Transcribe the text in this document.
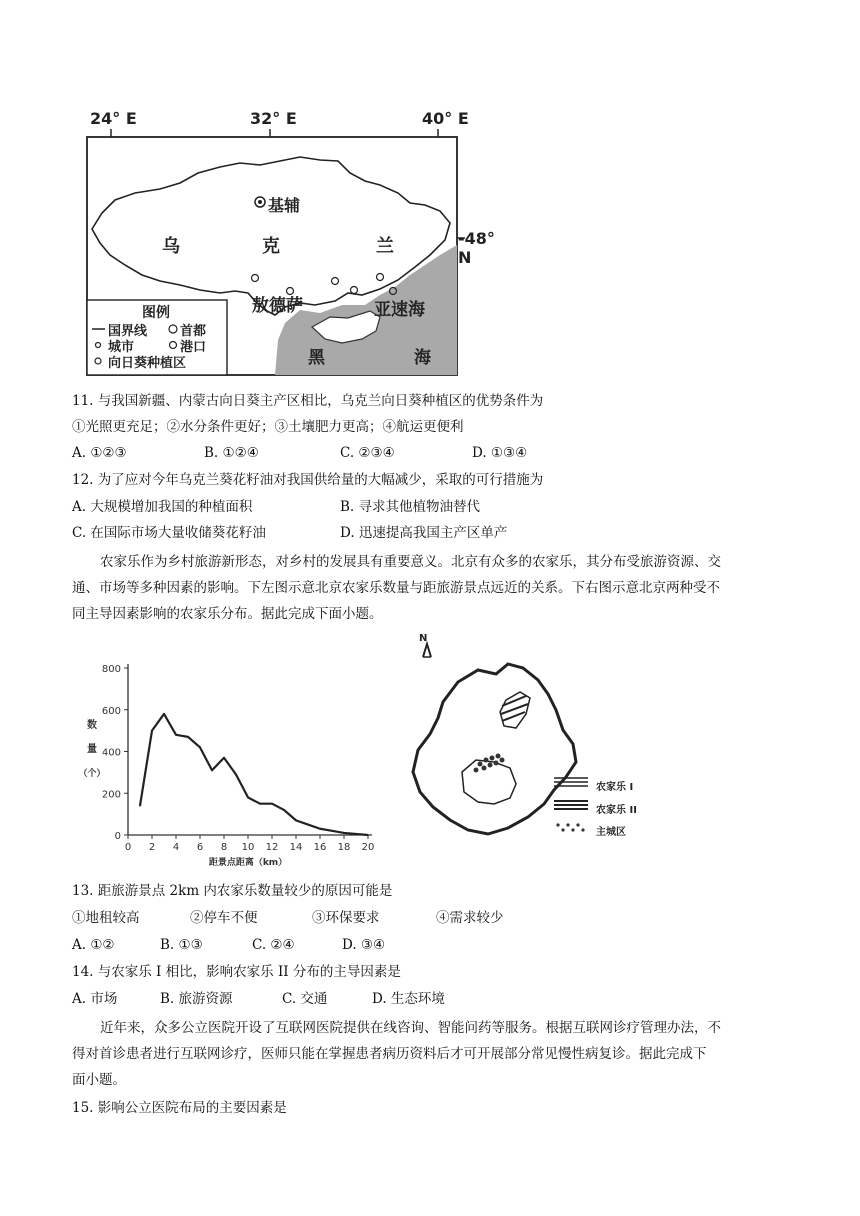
24° E	32° E	40° E
基辅
乌	克	兰	-48° N
敖德萨	亚速海
黑	海
图例
国界线	首都
城市	港口
向日葵种植区
11. 与我国新疆、内蒙古向日葵主产区相比，乌克兰向日葵种植区的优势条件为
①光照更充足；②水分条件更好；③土壤肥力更高；④航运更便利
A. ①②③	B. ①②④	C. ②③④	D. ①③④
12. 为了应对今年乌克兰葵花籽油对我国供给量的大幅减少，采取的可行措施为
A. 大规模增加我国的种植面积	B. 寻求其他植物油替代
C. 在国际市场大量收储葵花籽油	D. 迅速提高我国主产区单产
农家乐作为乡村旅游新形态，对乡村的发展具有重要意义。北京有众多的农家乐，其分布受旅游资源、交
通、市场等多种因素的影响。下左图示意北京农家乐数量与距旅游景点远近的关系。下右图示意北京两种受不
同主导因素影响的农家乐分布。据此完成下面小题。
0
200
400
600
800
0 2 4 6 8 10 12 14 16 18 20
数
量
（个）
距景点距离（km）
N
农家乐 I
农家乐 II
主城区
13. 距旅游景点 2km 内农家乐数量较少的原因可能是
①地租较高	②停车不便	③环保要求	④需求较少
A. ①②	B. ①③	C. ②④	D. ③④
14. 与农家乐 I 相比，影响农家乐 II 分布的主导因素是
A. 市场	B. 旅游资源	C. 交通	D. 生态环境
近年来，众多公立医院开设了互联网医院提供在线咨询、智能问药等服务。根据互联网诊疗管理办法，不
得对首诊患者进行互联网诊疗，医师只能在掌握患者病历资料后才可开展部分常见慢性病复诊。据此完成下
面小题。
15. 影响公立医院布局的主要因素是
